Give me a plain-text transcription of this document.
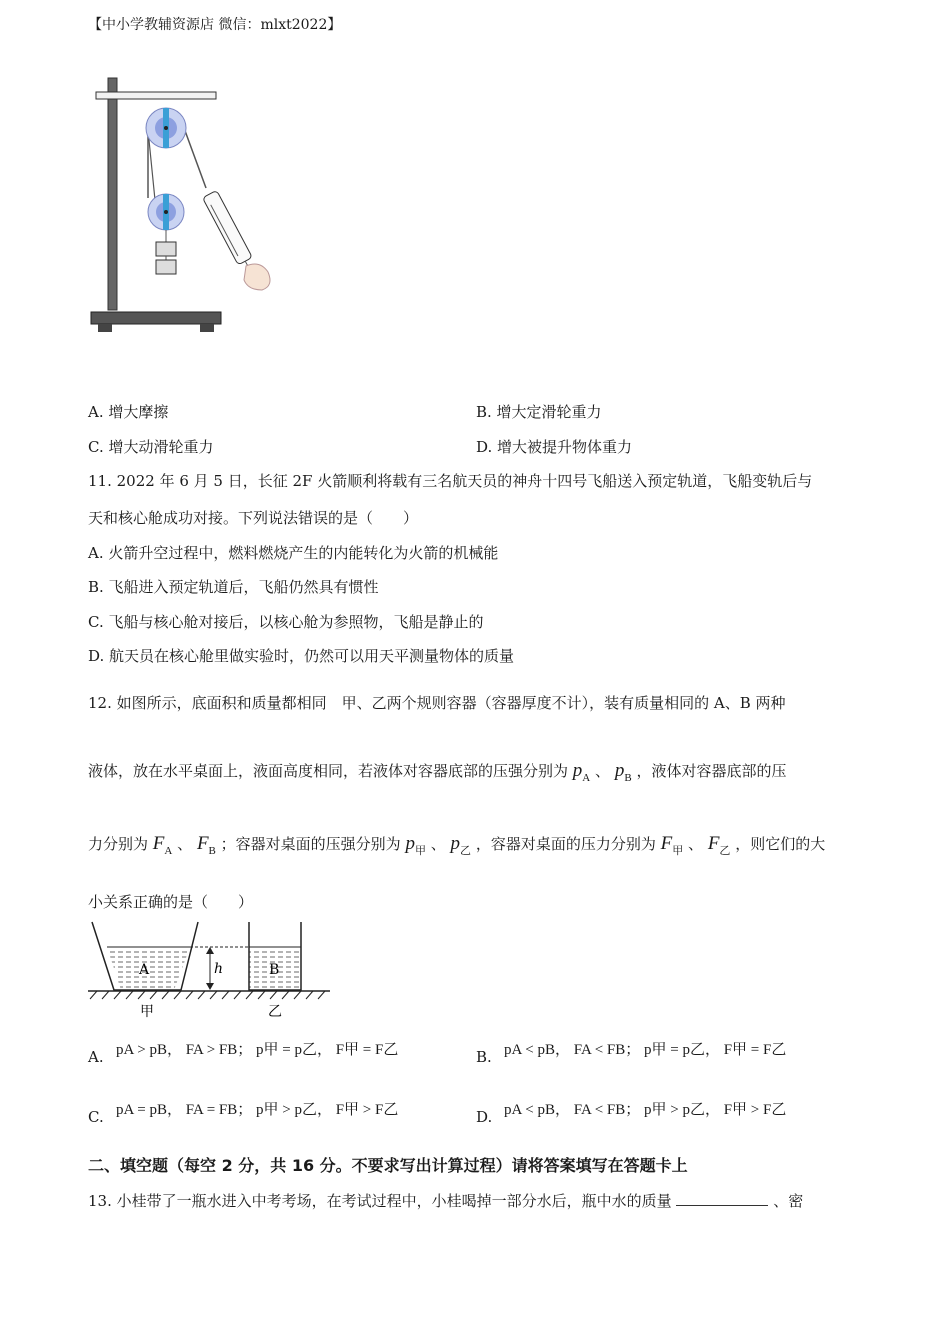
【中小学教辅资源店 微信：mlxt2022】
A. 增大摩擦	B. 增大定滑轮重力
C. 增大动滑轮重力	D. 增大被提升物体重力
11. 2022 年 6 月 5 日，长征 2F 火箭顺利将载有三名航天员的神舟十四号飞船送入预定轨道，飞船变轨后与
天和核心舱成功对接。下列说法错误的是（　　）
A. 火箭升空过程中，燃料燃烧产生的内能转化为火箭的机械能
B. 飞船进入预定轨道后，飞船仍然具有惯性
C. 飞船与核心舱对接后，以核心舱为参照物，飞船是静止的
D. 航天员在核心舱里做实验时，仍然可以用天平测量物体的质量
12. 如图所示，底面积和质量都相同　甲、乙两个规则容器（容器厚度不计），装有质量相同的 A、B 两种
液体，放在水平桌面上，液面高度相同，若液体对容器底部的压强分别为 $p_A$ 、 $p_B$ ，液体对容器底部的压
力分别为 $F_A$ 、 $F_B$ ；容器对桌面的压强分别为 $p_甲$ 、 $p_乙$ ，容器对桌面的压力分别为 $F_甲$ 、 $F_乙$ ，则它们的大
小关系正确的是（　　）
h
A	B
甲	乙
A. pA > pB， FA > FB； p甲 = p乙， F甲 = F乙	B. pA < pB， FA < FB； p甲 = p乙， F甲 = F乙
C. pA = pB， FA = FB； p甲 > p乙， F甲 > F乙	D. pA < pB， FA < FB； p甲 > p乙， F甲 > F乙
二、填空题（每空 2 分，共 16 分。不要求写出计算过程）请将答案填写在答题卡上
13. 小桂带了一瓶水进入中考考场，在考试过程中，小桂喝掉一部分水后，瓶中水的质量	、密
